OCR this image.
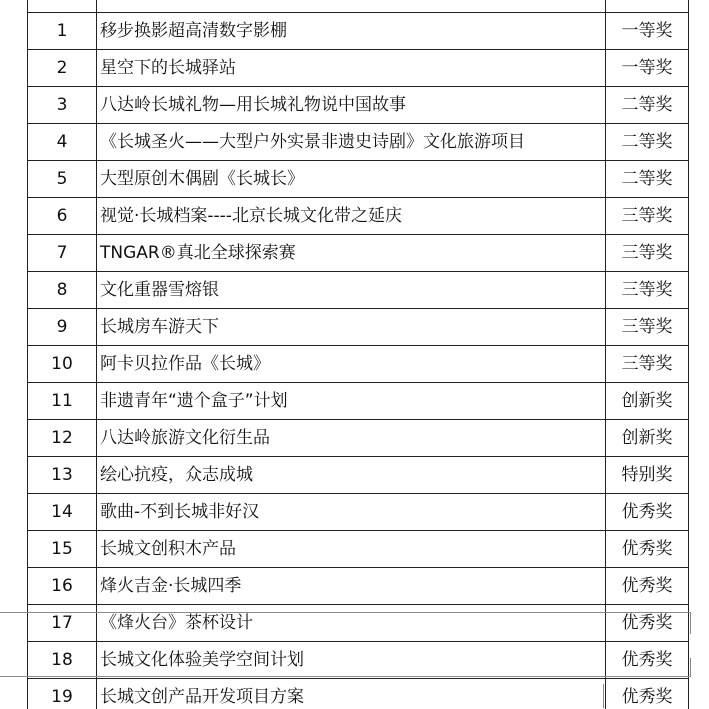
1	移步换影超高清数字影棚	一等奖
2	星空下的长城驿站	一等奖
3	八达岭长城礼物—用长城礼物说中国故事	二等奖
4	《长城圣火——大型户外实景非遗史诗剧》文化旅游项目	二等奖
5	大型原创木偶剧《长城长》	二等奖
6	视觉·长城档案----北京长城文化带之延庆	三等奖
7	TNGAR®真北全球探索赛	三等奖
8	文化重器雪熔银	三等奖
9	长城房车游天下	三等奖
10	阿卡贝拉作品《长城》	三等奖
11	非遗青年“遗个盒子”计划	创新奖
12	八达岭旅游文化衍生品	创新奖
13	绘心抗疫，众志成城	特别奖
14	歌曲-不到长城非好汉	优秀奖
15	长城文创积木产品	优秀奖
16	烽火吉金·长城四季	优秀奖
17	《烽火台》茶杯设计	优秀奖
18	长城文化体验美学空间计划	优秀奖
19	长城文创产品开发项目方案	优秀奖
